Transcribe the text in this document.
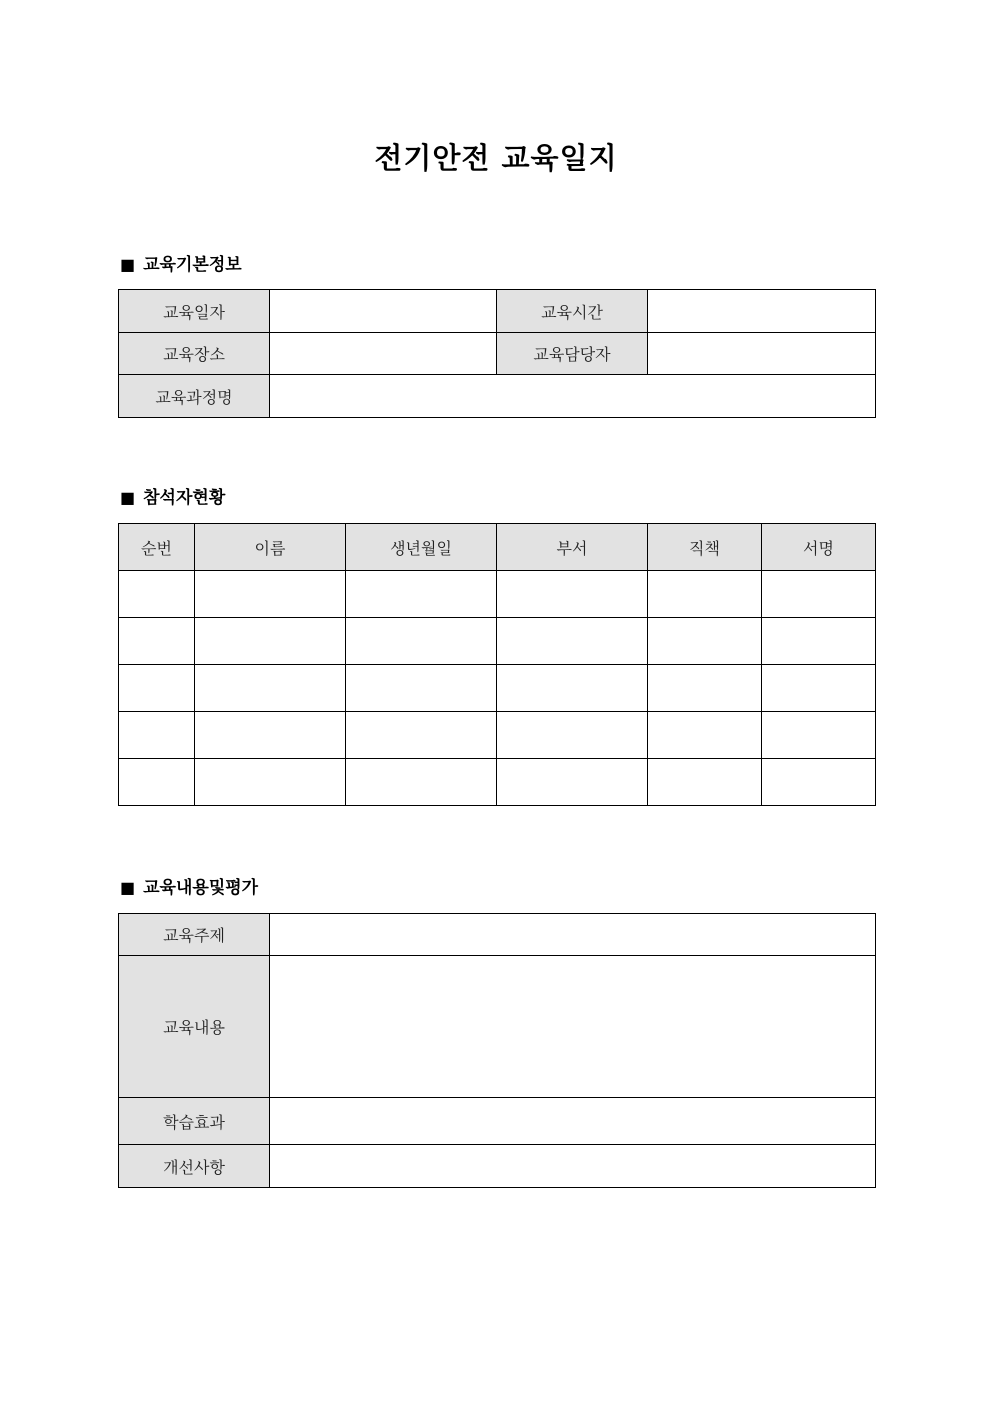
전기안전 교육일지
■ 교육기본정보
교육일자		교육시간	
교육장소		교육담당자	
교육과정명			
■ 참석자현황
순번	이름	생년월일	부서	직책	서명

■ 교육내용및평가
교육주제	
교육내용	
학습효과	
개선사항	
